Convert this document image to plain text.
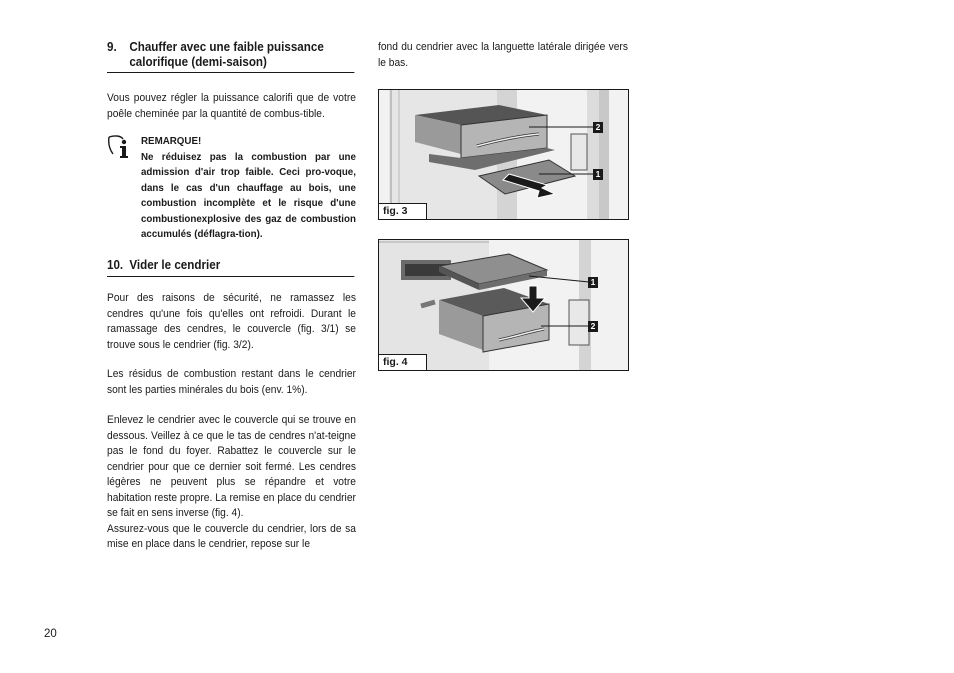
9.	Chauffer avec une faible puissance
calorifique (demi-saison)

Vous pouvez régler la puissance calorifi que de votre poêle cheminée par la quantité de combus-tible.

REMARQUE!

Ne réduisez pas la combustion par une admission d'air trop faible. Ceci pro-voque, dans le cas d'un chauffage au bois, une combustion incomplète et le risque d'une combustionexplosive des gaz de combustion accumulés (déflagra-tion).

10. Vider le cendrier

Pour des raisons de sécurité, ne ramassez les cendres qu'une fois qu'elles ont refroidi. Durant le ramassage des cendres, le couvercle (fig. 3/1) se trouve sous le cendrier (fig. 3/2).

Les résidus de combustion restant dans le cendrier sont les parties minérales du bois (env. 1%).

Enlevez le cendrier avec le couvercle qui se trouve en dessous. Veillez à ce que le tas de cendres n'at-teigne pas le fond du foyer. Rabattez le couvercle sur le cendrier pour que ce dernier soit fermé. Les cendres légères ne peuvent plus se répandre et votre habitation reste propre. La remise en place du cendrier se fait en sens inverse (fig. 4).

Assurez-vous que le couvercle du cendrier, lors de sa mise en place dans le cendrier, repose sur le

fond du cendrier avec la languette latérale dirigée vers le bas.

2
1
fig. 3
1
2
fig. 4
20
